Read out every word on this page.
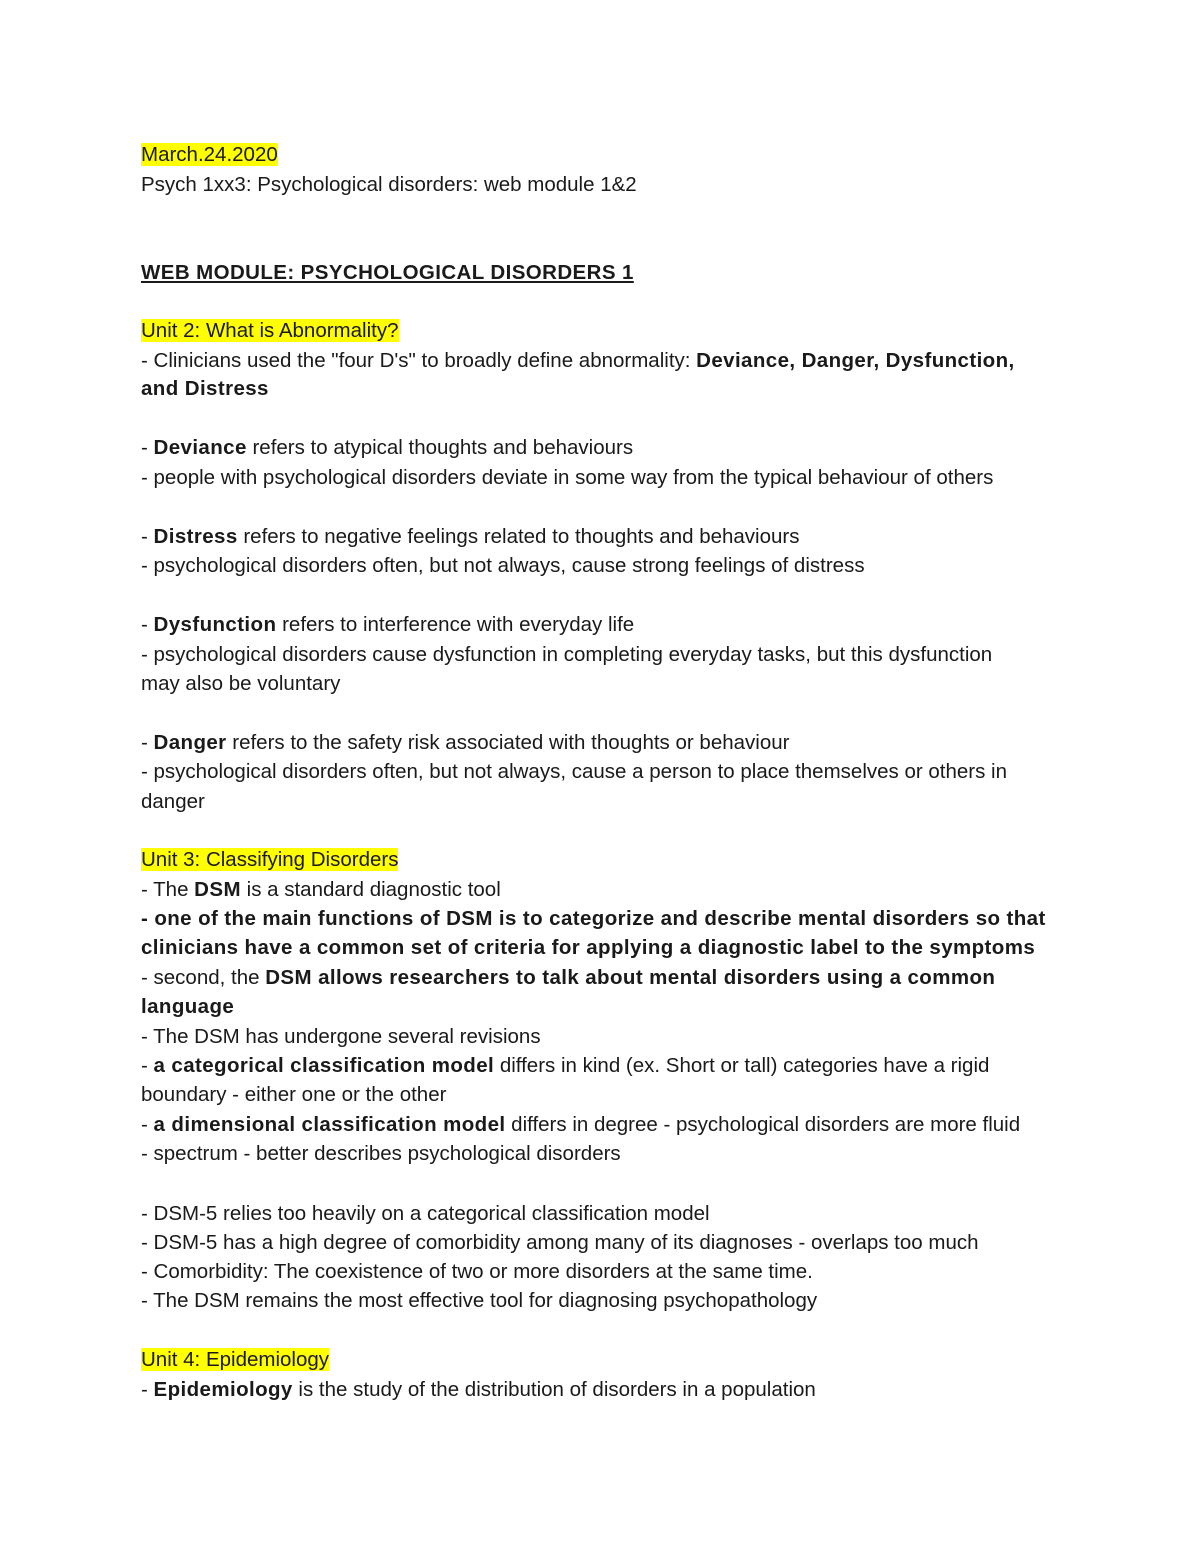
March.24.2020
Psych 1xx3: Psychological disorders: web module 1&2
WEB MODULE: PSYCHOLOGICAL DISORDERS 1
Unit 2: What is Abnormality?
- Clinicians used the "four D's" to broadly define abnormality: Deviance, Danger, Dysfunction,
and Distress
- Deviance refers to atypical thoughts and behaviours
- people with psychological disorders deviate in some way from the typical behaviour of others
- Distress refers to negative feelings related to thoughts and behaviours
- psychological disorders often, but not always, cause strong feelings of distress
- Dysfunction refers to interference with everyday life
- psychological disorders cause dysfunction in completing everyday tasks, but this dysfunction
may also be voluntary
- Danger refers to the safety risk associated with thoughts or behaviour
- psychological disorders often, but not always, cause a person to place themselves or others in
danger
Unit 3: Classifying Disorders
- The DSM is a standard diagnostic tool
- one of the main functions of DSM is to categorize and describe mental disorders so that
clinicians have a common set of criteria for applying a diagnostic label to the symptoms
- second, the DSM allows researchers to talk about mental disorders using a common
language
- The DSM has undergone several revisions
- a categorical classification model differs in kind (ex. Short or tall) categories have a rigid
boundary - either one or the other
- a dimensional classification model differs in degree - psychological disorders are more fluid
- spectrum - better describes psychological disorders
- DSM-5 relies too heavily on a categorical classification model
- DSM-5 has a high degree of comorbidity among many of its diagnoses - overlaps too much
- Comorbidity: The coexistence of two or more disorders at the same time.
- The DSM remains the most effective tool for diagnosing psychopathology
Unit 4: Epidemiology
- Epidemiology is the study of the distribution of disorders in a population
